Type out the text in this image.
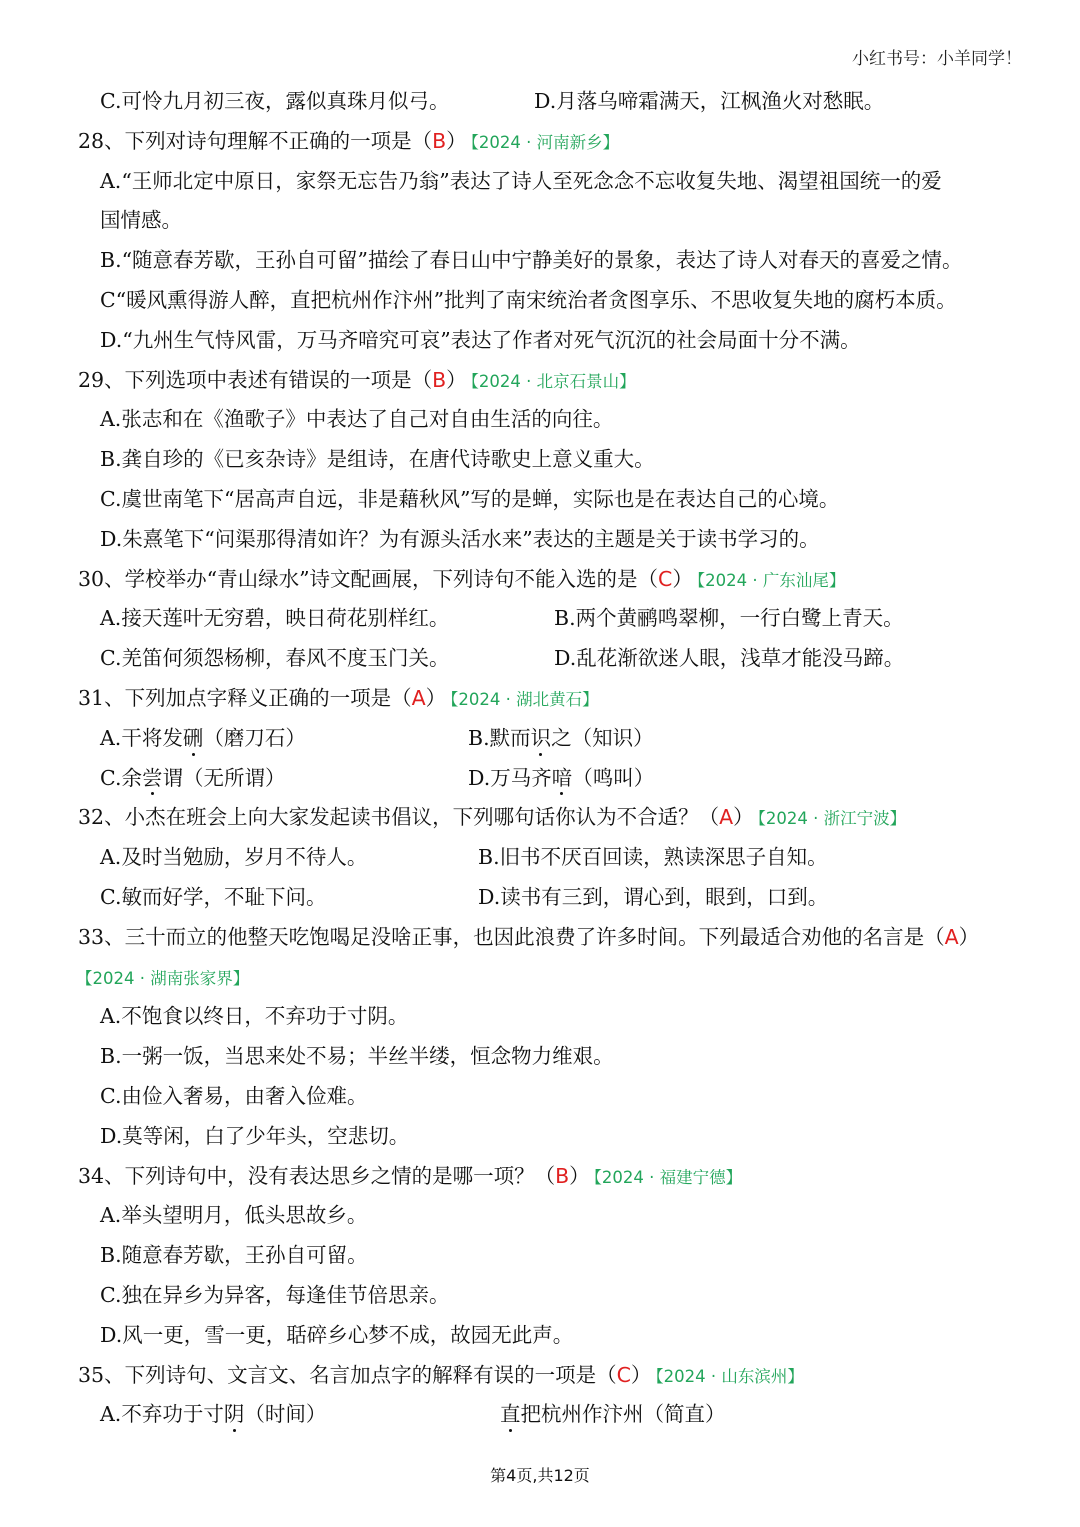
小红书号：小羊同学！
C.可怜九月初三夜，露似真珠月似弓。	D.月落乌啼霜满天，江枫渔火对愁眠。
28、下列对诗句理解不正确的一项是（B） 【2024 · 河南新乡】
A.“王师北定中原日，家祭无忘告乃翁”表达了诗人至死念念不忘收复失地、渴望祖国统一的爱
国情感。
B.“随意春芳歇，王孙自可留”描绘了春日山中宁静美好的景象，表达了诗人对春天的喜爱之情。
C“暖风熏得游人醉，直把杭州作汴州”批判了南宋统治者贪图享乐、不思收复失地的腐朽本质。
D.“九州生气恃风雷，万马齐喑究可哀”表达了作者对死气沉沉的社会局面十分不满。
29、下列选项中表述有错误的一项是（B） 【2024 · 北京石景山】
A.张志和在《渔歌子》中表达了自己对自由生活的向往。
B.龚自珍的《已亥杂诗》是组诗，在唐代诗歌史上意义重大。
C.虞世南笔下“居高声自远，非是藉秋风”写的是蝉，实际也是在表达自己的心境。
D.朱熹笔下“问渠那得清如许？为有源头活水来”表达的主题是关于读书学习的。
30、学校举办“青山绿水”诗文配画展，下列诗句不能入选的是（C） 【2024 · 广东汕尾】
A.接天莲叶无穷碧，映日荷花别样红。	B.两个黄鹂鸣翠柳，一行白鹭上青天。
C.羌笛何须怨杨柳，春风不度玉门关。	D.乱花渐欲迷人眼，浅草才能没马蹄。
31、下列加点字释义正确的一项是（A） 【2024 · 湖北黄石】
A.干将发硎（磨刀石）	B.默而识之（知识）
C.余尝谓（无所谓）	D.万马齐喑（鸣叫）
32、小杰在班会上向大家发起读书倡议，下列哪句话你认为不合适？（A） 【2024 · 浙江宁波】
A.及时当勉励，岁月不待人。	B.旧书不厌百回读，熟读深思子自知。
C.敏而好学，不耻下问。	D.读书有三到，谓心到，眼到，口到。
33、三十而立的他整天吃饱喝足没啥正事，也因此浪费了许多时间。下列最适合劝他的名言是（A）
【2024 · 湖南张家界】
A.不饱食以终日，不弃功于寸阴。
B.一粥一饭，当思来处不易；半丝半缕，恒念物力维艰。
C.由俭入奢易，由奢入俭难。
D.莫等闲，白了少年头，空悲切。
34、下列诗句中，没有表达思乡之情的是哪一项？（B） 【2024 · 福建宁德】
A.举头望明月，低头思故乡。
B.随意春芳歇，王孙自可留。
C.独在异乡为异客，每逢佳节倍思亲。
D.风一更，雪一更，聒碎乡心梦不成，故园无此声。
35、下列诗句、文言文、名言加点字的解释有误的一项是（C） 【2024 · 山东滨州】
A.不弃功于寸阴（时间）	直把杭州作汴州（简直）
第4页,共12页
